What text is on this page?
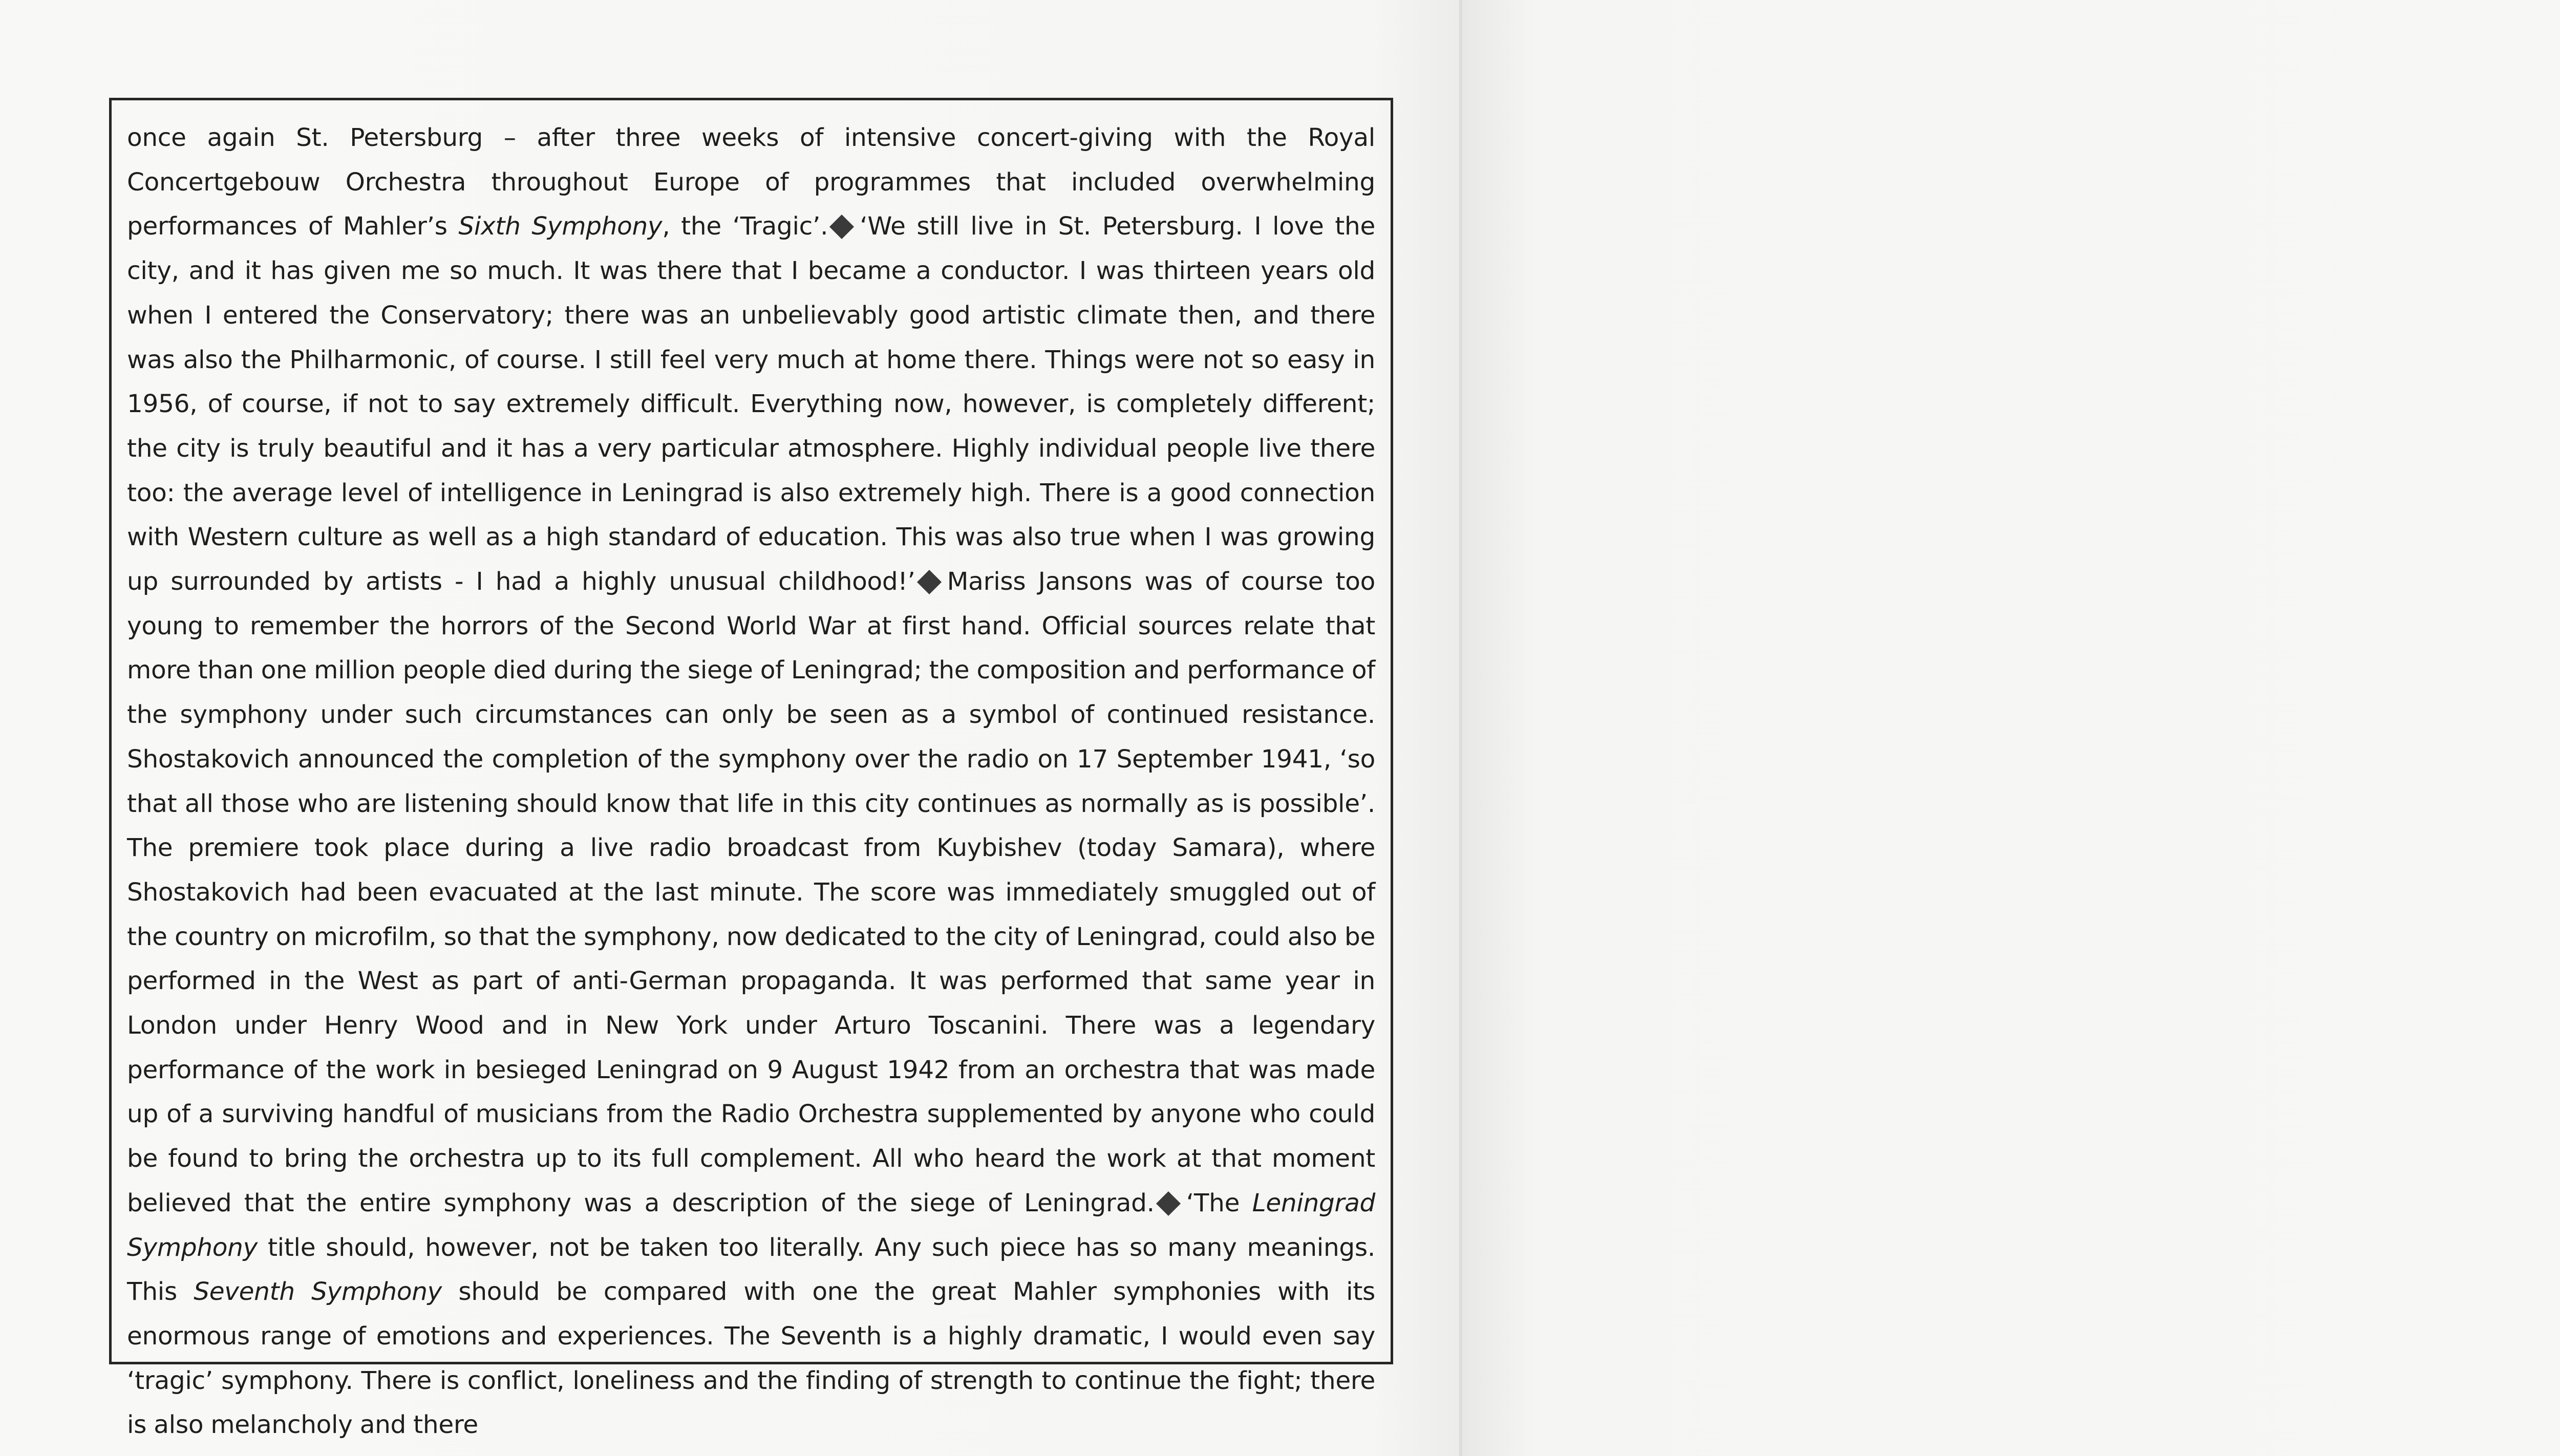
once again St. Petersburg – after three weeks of intensive concert-giving with the Royal Concertgebouw Orchestra throughout Europe of programmes that included overwhelming performances of Mahler’s Sixth Symphony, the ‘Tragic’. ‘We still live in St. Petersburg. I love the city, and it has given me so much. It was there that I became a conductor. I was thirteen years old when I entered the Conservatory; there was an unbelievably good artistic climate then, and there was also the Philharmonic, of course. I still feel very much at home there. Things were not so easy in 1956, of course, if not to say extremely difficult. Everything now, however, is completely different; the city is truly beautiful and it has a very particular atmosphere. Highly individual people live there too: the average level of intelligence in Leningrad is also extremely high. There is a good connection with Western culture as well as a high standard of education. This was also true when I was growing up surrounded by artists - I had a highly unusual childhood!’ Mariss Jansons was of course too young to remember the horrors of the Second World War at first hand. Official sources relate that more than one million people died during the siege of Leningrad; the composition and performance of the symphony under such circumstances can only be seen as a symbol of continued resistance. Shostakovich announced the completion of the symphony over the radio on 17 September 1941, ‘so that all those who are listening should know that life in this city continues as normally as is possible’. The premiere took place during a live radio broadcast from Kuybishev (today Samara), where Shostakovich had been evacuated at the last minute. The score was immediately smuggled out of the country on microfilm, so that the symphony, now dedicated to the city of Leningrad, could also be performed in the West as part of anti-German propaganda. It was performed that same year in London under Henry Wood and in New York under Arturo Toscanini. There was a legendary performance of the work in besieged Leningrad on 9 August 1942 from an orchestra that was made up of a surviving handful of musicians from the Radio Orchestra supplemented by anyone who could be found to bring the orchestra up to its full complement. All who heard the work at that moment believed that the entire symphony was a description of the siege of Leningrad. ‘The Leningrad Symphony title should, however, not be taken too literally. Any such piece has so many meanings. This Seventh Symphony should be compared with one the great Mahler symphonies with its enormous range of emotions and experiences. The Seventh is a highly dramatic, I would even say ‘tragic’ symphony. There is conflict, loneliness and the finding of strength to continue the fight; there is also melancholy and there
